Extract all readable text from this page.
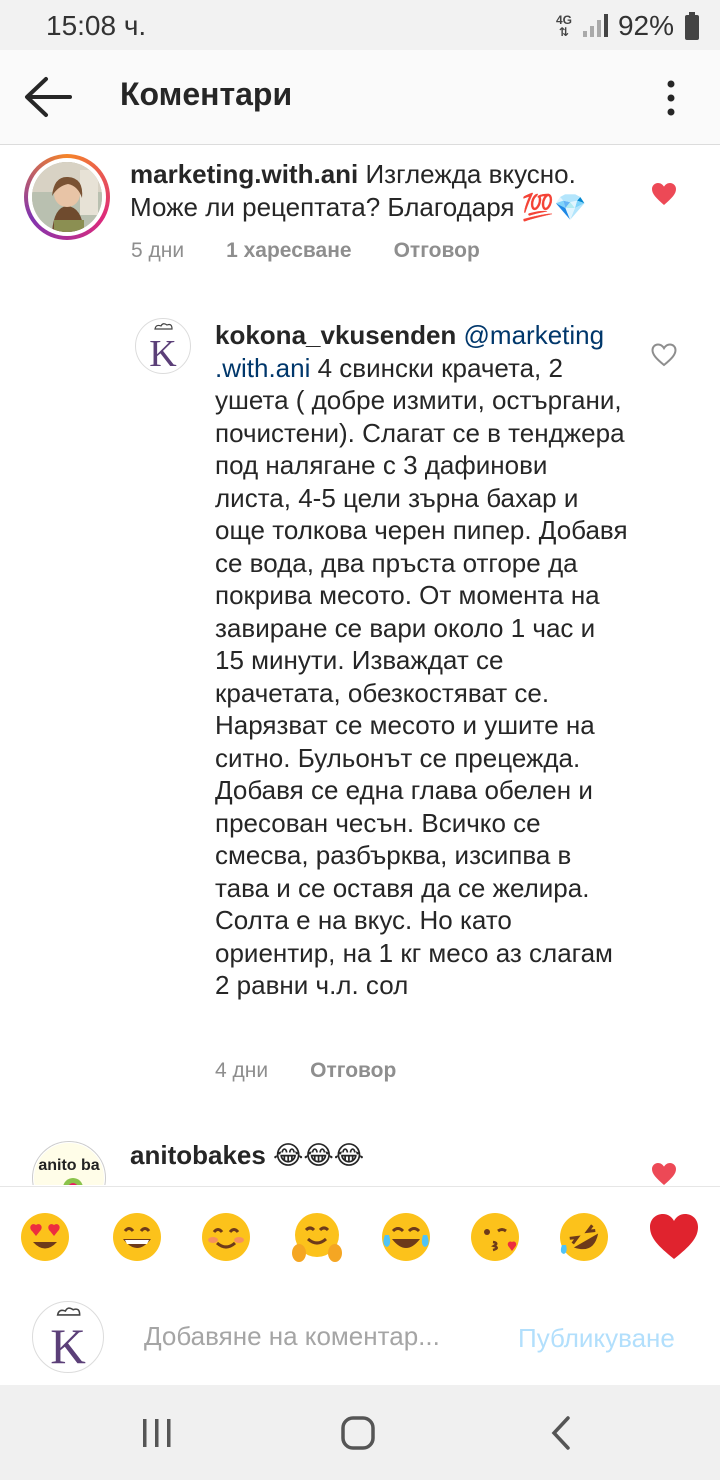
15:08 ч.	4G
⇅ 92%
Коментари
marketing.with.ani Изглежда вкусно. Може ли рецептата? Благодаря 💯💎
5 дни 1 харесване Отговор
K kokona_vkusenden @marketing .with.ani 4 свински крачета, 2 ушета ( добре измити, остъргани, почистени). Слагат се в тенджера под налягане с 3 дафинови листа, 4-5 цели зърна бахар и още толкова черен пипер. Добавя се вода, два пръста отгоре да покрива месото. От момента на завиране се вари около 1 час и 15 минути. Изваждат се крачетата, обезкостяват се. Нарязват се месото и ушите на ситно. Бульонът се прецежда. Добавя се една глава обелен и пресован чесън. Всичко се смесва, разбърква, изсипва в тава и се оставя да се желира. Солта е на вкус. Но като ориентир, на 1 кг месо аз слагам 2 равни ч.л. сол
4 дни Отговор
anito ba anitobakes 😂😂😂
K
Добавяне на коментар...	Публикуване
